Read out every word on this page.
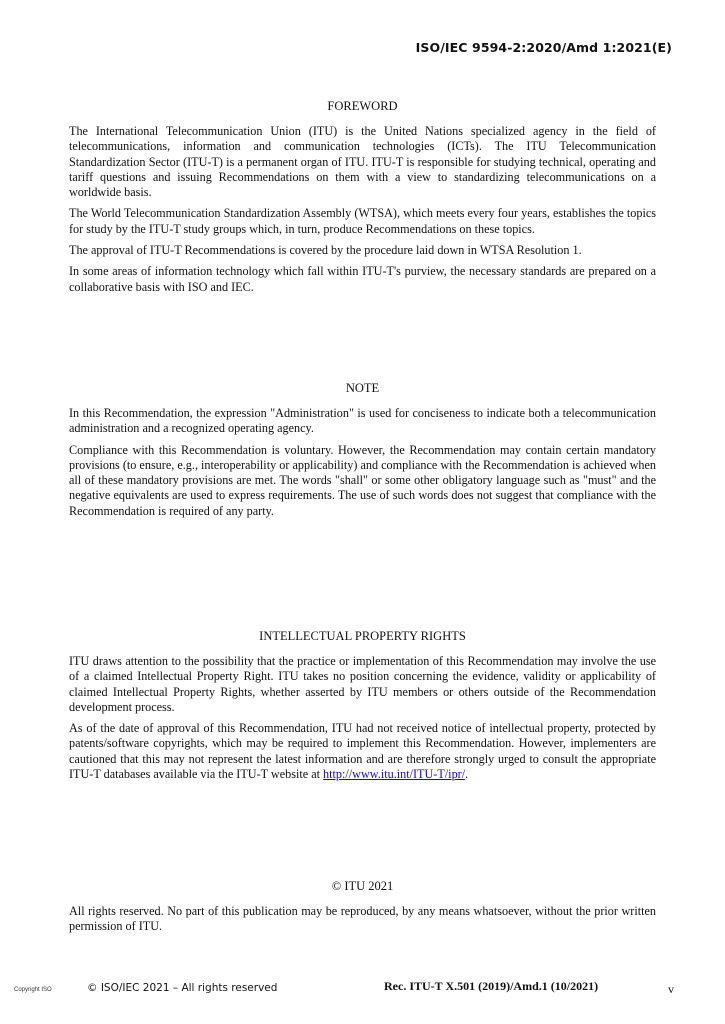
ISO/IEC 9594-2:2020/Amd 1:2021(E)
FOREWORD

The International Telecommunication Union (ITU) is the United Nations specialized agency in the field of telecommunications, information and communication technologies (ICTs). The ITU Telecommunication Standardization Sector (ITU-T) is a permanent organ of ITU. ITU-T is responsible for studying technical, operating and tariff questions and issuing Recommendations on them with a view to standardizing telecommunications on a worldwide basis.

The World Telecommunication Standardization Assembly (WTSA), which meets every four years, establishes the topics for study by the ITU-T study groups which, in turn, produce Recommendations on these topics.

The approval of ITU-T Recommendations is covered by the procedure laid down in WTSA Resolution 1.

In some areas of information technology which fall within ITU-T's purview, the necessary standards are prepared on a collaborative basis with ISO and IEC.

NOTE

In this Recommendation, the expression "Administration" is used for conciseness to indicate both a telecommunication administration and a recognized operating agency.

Compliance with this Recommendation is voluntary. However, the Recommendation may contain certain mandatory provisions (to ensure, e.g., interoperability or applicability) and compliance with the Recommendation is achieved when all of these mandatory provisions are met. The words "shall" or some other obligatory language such as "must" and the negative equivalents are used to express requirements. The use of such words does not suggest that compliance with the Recommendation is required of any party.

INTELLECTUAL PROPERTY RIGHTS

ITU draws attention to the possibility that the practice or implementation of this Recommendation may involve the use of a claimed Intellectual Property Right. ITU takes no position concerning the evidence, validity or applicability of claimed Intellectual Property Rights, whether asserted by ITU members or others outside of the Recommendation development process.

As of the date of approval of this Recommendation, ITU had not received notice of intellectual property, protected by patents/software copyrights, which may be required to implement this Recommendation. However, implementers are cautioned that this may not represent the latest information and are therefore strongly urged to consult the appropriate ITU-T databases available via the ITU-T website at http://www.itu.int/ITU-T/ipr/.

© ITU 2021

All rights reserved. No part of this publication may be reproduced, by any means whatsoever, without the prior written permission of ITU.

Copyright ISO	© ISO/IEC 2021 – All rights reserved	Rec. ITU-T X.501 (2019)/Amd.1 (10/2021)	v
